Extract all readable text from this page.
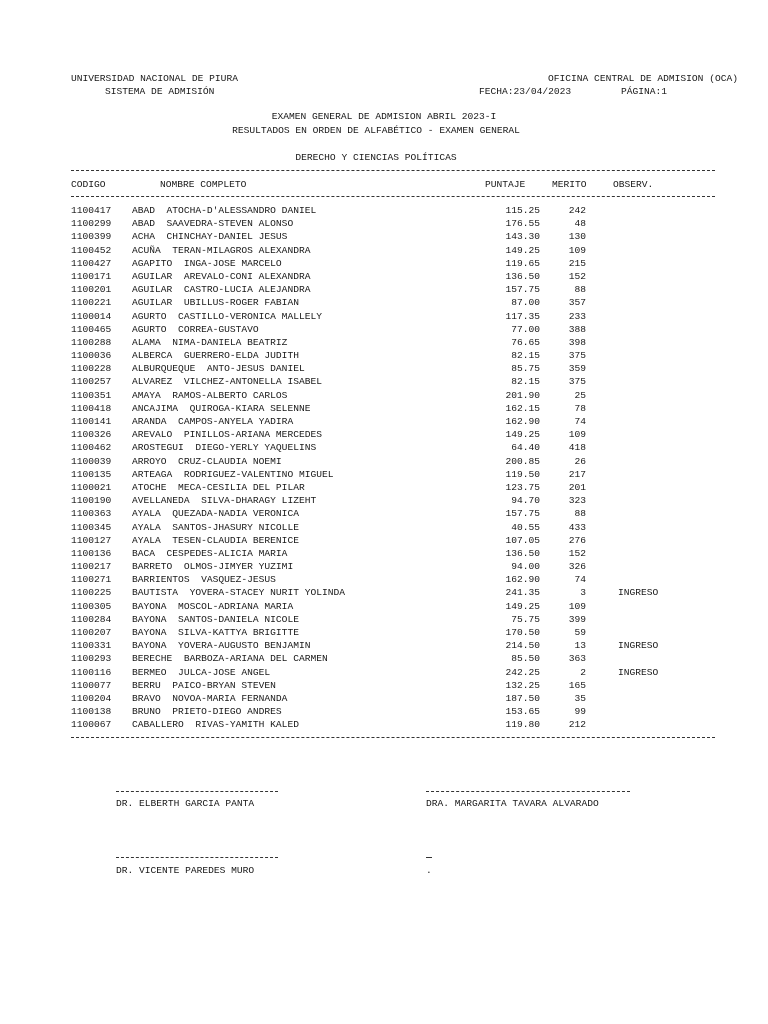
UNIVERSIDAD NACIONAL DE PIURA
SISTEMA DE ADMISIÓN
OFICINA CENTRAL DE ADMISION (OCA)
FECHA:23/04/2023	PÁGINA:1
EXAMEN GENERAL DE ADMISION ABRIL 2023-I
RESULTADOS EN ORDEN DE ALFABÉTICO - EXAMEN GENERAL
DERECHO Y CIENCIAS POLÍTICAS
CODIGO	NOMBRE COMPLETO	PUNTAJE	MERITO	OBSERV.
1100417	ABAD  ATOCHA-D'ALESSANDRO DANIEL	115.25	242		
1100299	ABAD  SAAVEDRA-STEVEN ALONSO	176.55	48		
1100399	ACHA  CHINCHAY-DANIEL JESUS	143.30	130		
1100452	ACUÑA  TERAN-MILAGROS ALEXANDRA	149.25	109		
1100427	AGAPITO  INGA-JOSE MARCELO	119.65	215		
1100171	AGUILAR  AREVALO-CONI ALEXANDRA	136.50	152		
1100201	AGUILAR  CASTRO-LUCIA ALEJANDRA	157.75	88		
1100221	AGUILAR  UBILLUS-ROGER FABIAN	87.00	357		
1100014	AGURTO  CASTILLO-VERONICA MALLELY	117.35	233		
1100465	AGURTO  CORREA-GUSTAVO	77.00	388		
1100288	ALAMA  NIMA-DANIELA BEATRIZ	76.65	398		
1100036	ALBERCA  GUERRERO-ELDA JUDITH	82.15	375		
1100228	ALBURQUEQUE  ANTO-JESUS DANIEL	85.75	359		
1100257	ALVAREZ  VILCHEZ-ANTONELLA ISABEL	82.15	375		
1100351	AMAYA  RAMOS-ALBERTO CARLOS	201.90	25		
1100418	ANCAJIMA  QUIROGA-KIARA SELENNE	162.15	78		
1100141	ARANDA  CAMPOS-ANYELA YADIRA	162.90	74		
1100326	AREVALO  PINILLOS-ARIANA MERCEDES	149.25	109		
1100462	AROSTEGUI  DIEGO-YERLY YAQUELINS	64.40	418		
1100039	ARROYO  CRUZ-CLAUDIA NOEMI	200.85	26		
1100135	ARTEAGA  RODRIGUEZ-VALENTINO MIGUEL	119.50	217		
1100021	ATOCHE  MECA-CESILIA DEL PILAR	123.75	201		
1100190	AVELLANEDA  SILVA-DHARAGY LIZEHT	94.70	323		
1100363	AYALA  QUEZADA-NADIA VERONICA	157.75	88		
1100345	AYALA  SANTOS-JHASURY NICOLLE	40.55	433		
1100127	AYALA  TESEN-CLAUDIA BERENICE	107.05	276		
1100136	BACA  CESPEDES-ALICIA MARIA	136.50	152		
1100217	BARRETO  OLMOS-JIMYER YUZIMI	94.00	326		
1100271	BARRIENTOS  VASQUEZ-JESUS	162.90	74		
1100225	BAUTISTA  YOVERA-STACEY NURIT YOLINDA	241.35	3		INGRESO
1100305	BAYONA  MOSCOL-ADRIANA MARIA	149.25	109		
1100284	BAYONA  SANTOS-DANIELA NICOLE	75.75	399		
1100207	BAYONA  SILVA-KATTYA BRIGITTE	170.50	59		
1100331	BAYONA  YOVERA-AUGUSTO BENJAMIN	214.50	13		INGRESO
1100293	BERECHE  BARBOZA-ARIANA DEL CARMEN	85.50	363		
1100116	BERMEO  JULCA-JOSE ANGEL	242.25	2		INGRESO
1100077	BERRU  PAICO-BRYAN STEVEN	132.25	165		
1100204	BRAVO  NOVOA-MARIA FERNANDA	187.50	35		
1100138	BRUNO  PRIETO-DIEGO ANDRES	153.65	99		
1100067	CABALLERO  RIVAS-YAMITH KALED	119.80	212		
DR. ELBERTH GARCIA PANTA	DRA. MARGARITA TAVARA ALVARADO
DR. VICENTE PAREDES MURO	.
